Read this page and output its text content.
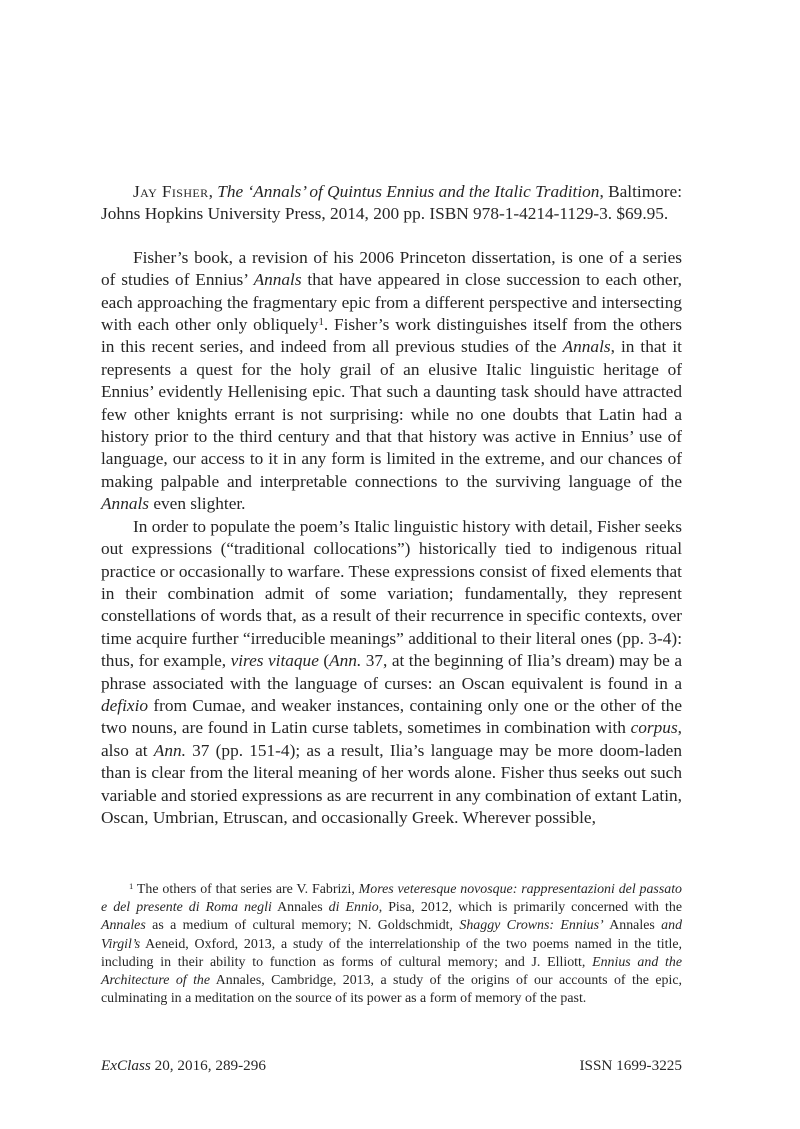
Jay Fisher, The ‘Annals’ of Quintus Ennius and the Italic Tradition, Baltimore: Johns Hopkins University Press, 2014, 200 pp. ISBN 978-1-4214-1129-3. $69.95.

Fisher’s book, a revision of his 2006 Princeton dissertation, is one of a series of studies of Ennius’ Annals that have appeared in close succession to each other, each approaching the fragmentary epic from a different perspective and intersecting with each other only obliquely$^1$. Fisher’s work distinguishes itself from the others in this recent series, and indeed from all previous studies of the Annals, in that it represents a quest for the holy grail of an elusive Italic linguistic heritage of Ennius’ evidently Hellenising epic. That such a daunting task should have attracted few other knights errant is not surprising: while no one doubts that Latin had a history prior to the third century and that that history was active in Ennius’ use of language, our access to it in any form is limited in the extreme, and our chances of making palpable and interpretable connections to the surviving language of the Annals even slighter.

In order to populate the poem’s Italic linguistic history with detail, Fisher seeks out expressions (“traditional collocations”) historically tied to indigenous ritual practice or occasionally to warfare. These expressions consist of fixed elements that in their combination admit of some variation; fundamentally, they represent constellations of words that, as a result of their recurrence in specific contexts, over time acquire further “irreducible meanings” additional to their literal ones (pp. 3-4): thus, for example, vires vitaque (Ann. 37, at the beginning of Ilia’s dream) may be a phrase associated with the language of curses: an Oscan equivalent is found in a defixio from Cumae, and weaker instances, containing only one or the other of the two nouns, are found in Latin curse tablets, sometimes in combination with corpus, also at Ann. 37 (pp. 151-4); as a result, Ilia’s language may be more doom-laden than is clear from the literal meaning of her words alone. Fisher thus seeks out such variable and storied expressions as are recurrent in any combination of extant Latin, Oscan, Umbrian, Etruscan, and occasionally Greek. Wherever possible,

$^1$ The others of that series are V. Fabrizi, Mores veteresque novosque: rappresentazioni del passato e del presente di Roma negli Annales di Ennio, Pisa, 2012, which is primarily concerned with the Annales as a medium of cultural memory; N. Goldschmidt, Shaggy Crowns: Ennius’ Annales and Virgil’s Aeneid, Oxford, 2013, a study of the interrelationship of the two poems named in the title, including in their ability to function as forms of cultural memory; and J. Elliott, Ennius and the Architecture of the Annales, Cambridge, 2013, a study of the origins of our accounts of the epic, culminating in a meditation on the source of its power as a form of memory of the past.
ExClass 20, 2016, 289-296	ISSN 1699-3225
